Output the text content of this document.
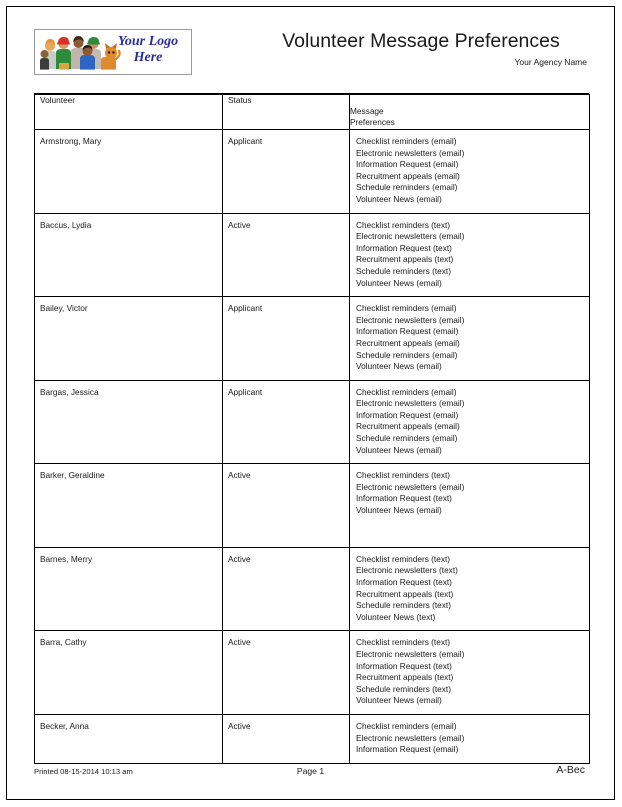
Your Logo
Here
Volunteer Message Preferences
Your Agency Name
Volunteer	Status	Message
Preferences

Armstrong, Mary	Applicant	Checklist reminders (email)
Electronic newsletters (email)
Information Request (email)
Recruitment appeals (email)
Schedule reminders (email)
Volunteer News (email)

Baccus, Lydia	Active	Checklist reminders (text)
Electronic newsletters (email)
Information Request (text)
Recruitment appeals (text)
Schedule reminders (text)
Volunteer News (email)

Bailey, Victor	Applicant	Checklist reminders (email)
Electronic newsletters (email)
Information Request (email)
Recruitment appeals (email)
Schedule reminders (email)
Volunteer News (email)

Bargas, Jessica	Applicant	Checklist reminders (email)
Electronic newsletters (email)
Information Request (email)
Recruitment appeals (email)
Schedule reminders (email)
Volunteer News (email)

Barker, Geraldine	Active	Checklist reminders (text)
Electronic newsletters (email)
Information Request (text)
Volunteer News (email)

Barnes, Merry	Active	Checklist reminders (text)
Electronic newsletters (text)
Information Request (text)
Recruitment appeals (text)
Schedule reminders (text)
Volunteer News (text)

Barra, Cathy	Active	Checklist reminders (text)
Electronic newsletters (email)
Information Request (text)
Recruitment appeals (text)
Schedule reminders (text)
Volunteer News (email)

Becker, Anna	Active	Checklist reminders (email)
Electronic newsletters (email)
Information Request (email)
Printed 08-15-2014 10:13 am	Page 1	A-Bec
